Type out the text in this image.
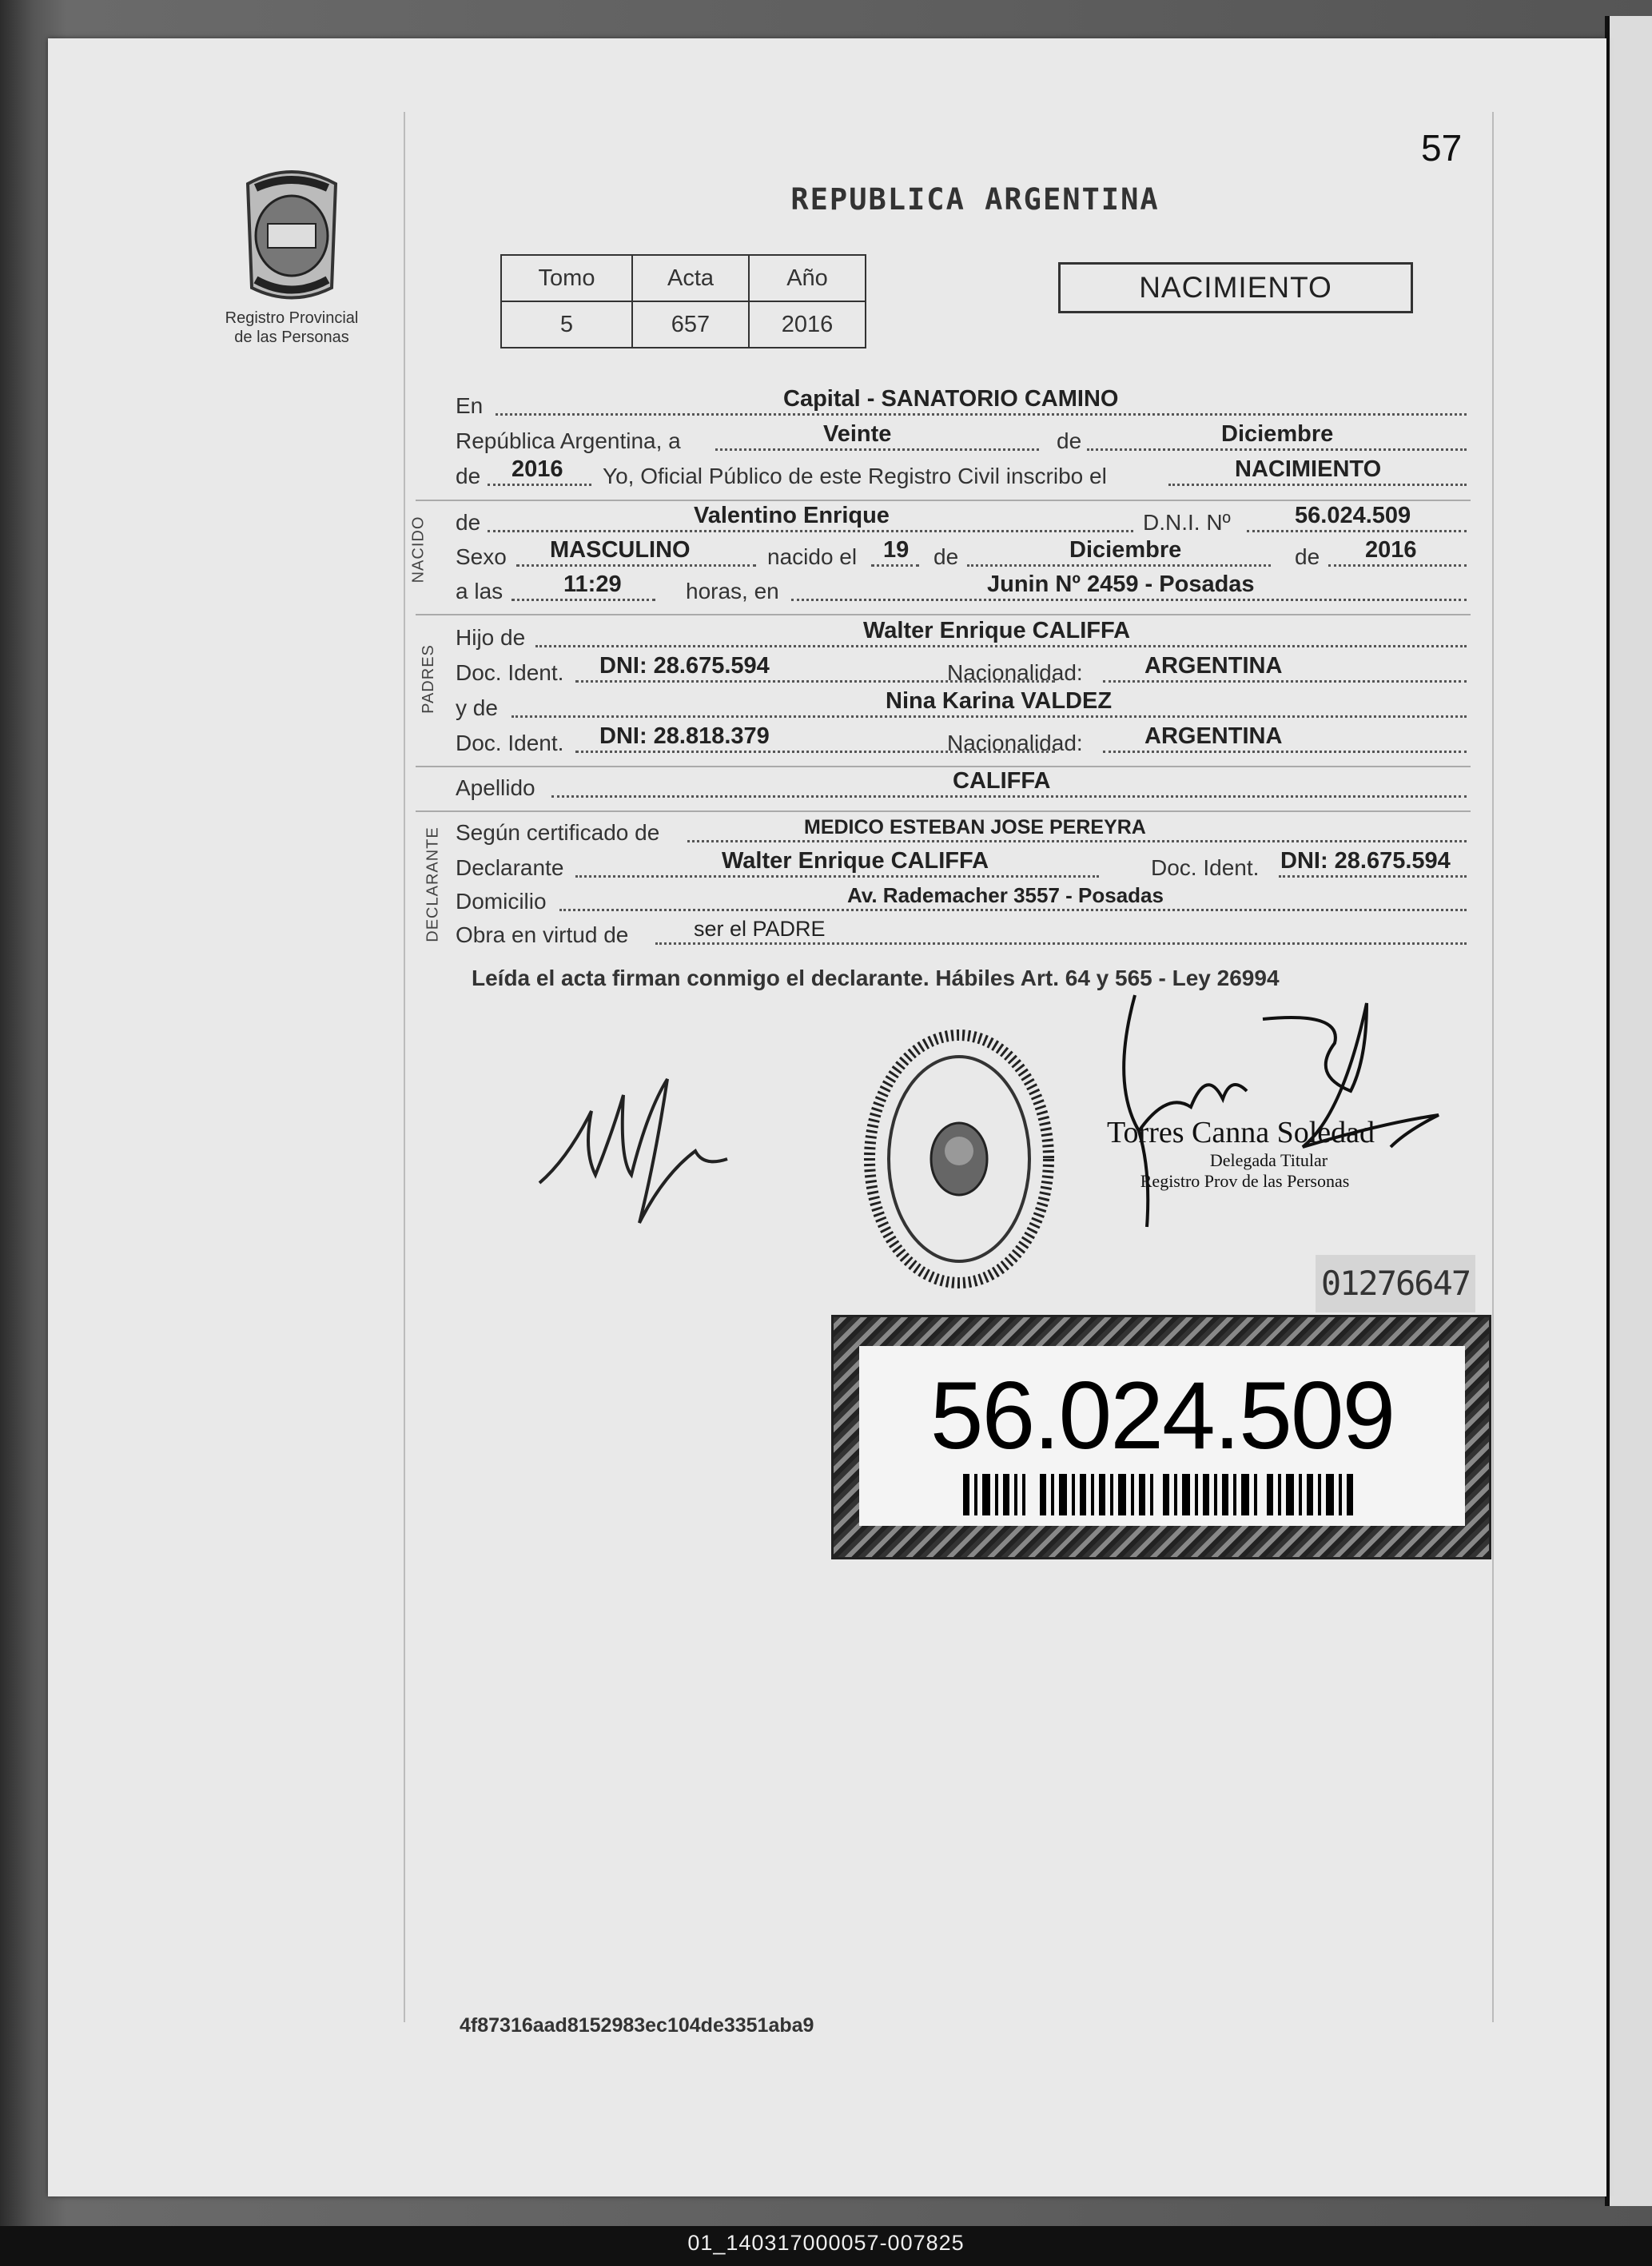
57
Registro Provincial
de las Personas
REPUBLICA ARGENTINA
Tomo	Acta	Año
5	657	2016
NACIMIENTO
En	Capital - SANATORIO CAMINO
República Argentina, a	Veinte	de	Diciembre
de 2016 Yo, Oficial Público de este Registro Civil inscribo el	NACIMIENTO
NACIDO de	Valentino Enrique	D.N.I. Nº	56.024.509
Sexo MASCULINO	nacido el 19 de	Diciembre	de 2016
a las	11:29	horas, en	Junin Nº 2459 - Posadas
PADRES
Hijo de	Walter Enrique CALIFFA
Doc. Ident. DNI: 28.675.594	Nacionalidad:	ARGENTINA
y de	Nina Karina VALDEZ
Doc. Ident. DNI: 28.818.379	Nacionalidad:	ARGENTINA
Apellido	CALIFFA
DECLARANTE Según certificado de	MEDICO ESTEBAN JOSE PEREYRA
Declarante	Walter Enrique CALIFFA	Doc. Ident. DNI: 28.675.594
Domicilio	Av. Rademacher 3557 - Posadas
Obra en virtud de	ser el PADRE
Leída el acta firman conmigo el declarante. Hábiles Art. 64 y 565 - Ley 26994
Torres Canna Soledad
Delegada Titular
Registro Prov de las Personas
01276647
56.024.509
4f87316aad8152983ec104de3351aba9
01_140317000057-007825
